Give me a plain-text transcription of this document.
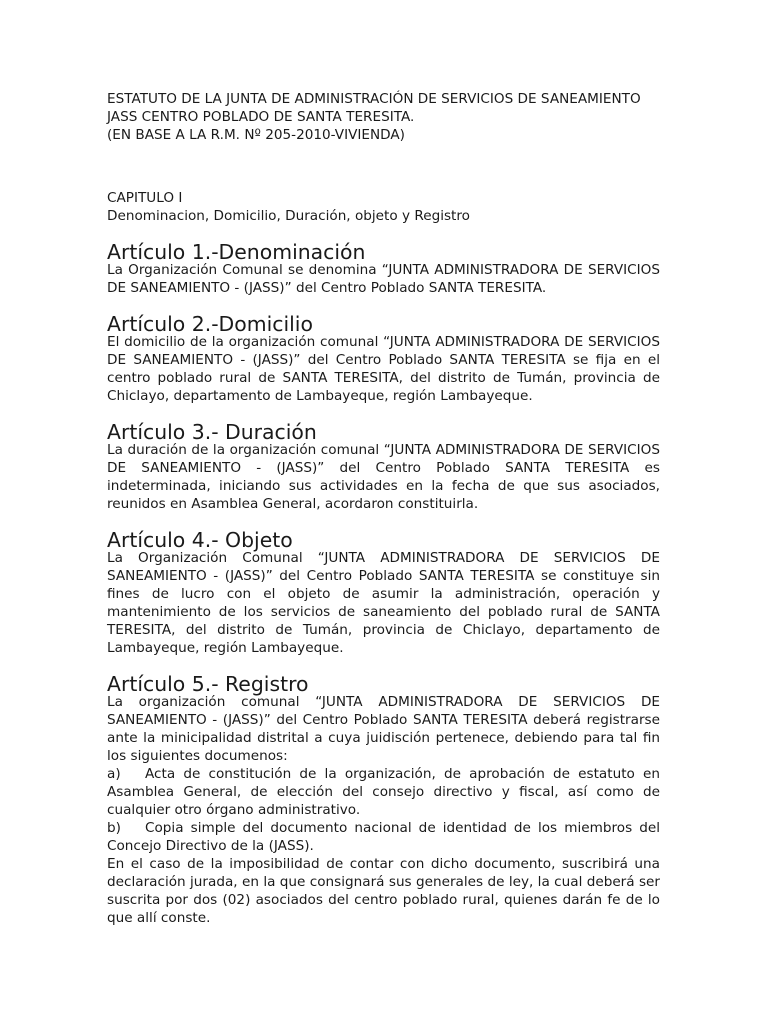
ESTATUTO DE LA JUNTA DE ADMINISTRACIÓN DE SERVICIOS DE SANEAMIENTO
JASS CENTRO POBLADO DE SANTA TERESITA.
(EN BASE A LA R.M. Nº 205-2010-VIVIENDA)
CAPITULO I
Denominacion, Domicilio, Duración, objeto y Registro
Artículo 1.-Denominación

La Organización Comunal se denomina “JUNTA ADMINISTRADORA DE SERVICIOS DE SANEAMIENTO - (JASS)” del Centro Poblado SANTA TERESITA.

Artículo 2.-Domicilio

El domicilio de la organización comunal “JUNTA ADMINISTRADORA DE SERVICIOS DE SANEAMIENTO - (JASS)” del Centro Poblado SANTA TERESITA se fija en el centro poblado rural de SANTA TERESITA, del distrito de Tumán, provincia de Chiclayo, departamento de Lambayeque, región Lambayeque.

Artículo 3.- Duración

La duración de la organización comunal “JUNTA ADMINISTRADORA DE SERVICIOS DE SANEAMIENTO - (JASS)” del Centro Poblado SANTA TERESITA es indeterminada, iniciando sus actividades en la fecha de que sus asociados, reunidos en Asamblea General, acordaron constituirla.

Artículo 4.- Objeto

La Organización Comunal “JUNTA ADMINISTRADORA DE SERVICIOS DE SANEAMIENTO - (JASS)” del Centro Poblado SANTA TERESITA se constituye sin fines de lucro con el objeto de asumir la administración, operación y mantenimiento de los servicios de saneamiento del poblado rural de SANTA TERESITA, del distrito de Tumán, provincia de Chiclayo, departamento de Lambayeque, región Lambayeque.

Artículo 5.- Registro

La organización comunal “JUNTA ADMINISTRADORA DE SERVICIOS DE SANEAMIENTO - (JASS)” del Centro Poblado SANTA TERESITA deberá registrarse ante la minicipalidad distrital a cuya juidisción pertenece, debiendo para tal fin los siguientes documenos:

a) Acta de constitución de la organización, de aprobación de estatuto en Asamblea General, de elección del consejo directivo y fiscal, así como de cualquier otro órgano administrativo.

b) Copia simple del documento nacional de identidad de los miembros del Concejo Directivo de la (JASS).

En el caso de la imposibilidad de contar con dicho documento, suscribirá una declaración jurada, en la que consignará sus generales de ley, la cual deberá ser suscrita por dos (02) asociados del centro poblado rural, quienes darán fe de lo que allí conste.
